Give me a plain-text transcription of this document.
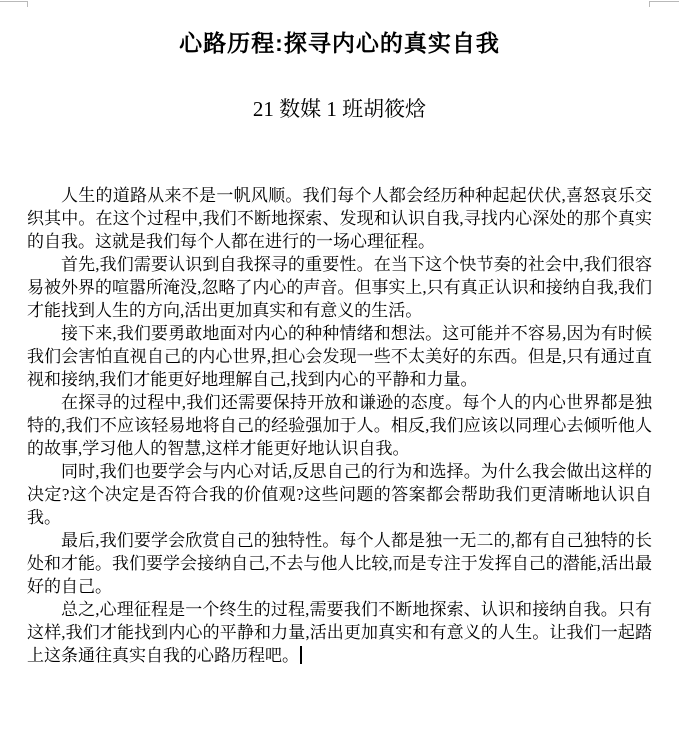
心路历程:探寻内心的真实自我
21 数媒 1 班胡筱焓

人生的道路从来不是一帆风顺。我们每个人都会经历种种起起伏伏,喜怒哀乐交织其中。在这个过程中,我们不断地探索、发现和认识自我,寻找内心深处的那个真实的自我。这就是我们每个人都在进行的一场心理征程。

首先,我们需要认识到自我探寻的重要性。在当下这个快节奏的社会中,我们很容易被外界的喧嚣所淹没,忽略了内心的声音。但事实上,只有真正认识和接纳自我,我们才能找到人生的方向,活出更加真实和有意义的生活。

接下来,我们要勇敢地面对内心的种种情绪和想法。这可能并不容易,因为有时候我们会害怕直视自己的内心世界,担心会发现一些不太美好的东西。但是,只有通过直视和接纳,我们才能更好地理解自己,找到内心的平静和力量。

在探寻的过程中,我们还需要保持开放和谦逊的态度。每个人的内心世界都是独特的,我们不应该轻易地将自己的经验强加于人。相反,我们应该以同理心去倾听他人的故事,学习他人的智慧,这样才能更好地认识自我。

同时,我们也要学会与内心对话,反思自己的行为和选择。为什么我会做出这样的决定?这个决定是否符合我的价值观?这些问题的答案都会帮助我们更清晰地认识自我。

最后,我们要学会欣赏自己的独特性。每个人都是独一无二的,都有自己独特的长处和才能。我们要学会接纳自己,不去与他人比较,而是专注于发挥自己的潜能,活出最好的自己。

总之,心理征程是一个终生的过程,需要我们不断地探索、认识和接纳自我。只有这样,我们才能找到内心的平静和力量,活出更加真实和有意义的人生。让我们一起踏上这条通往真实自我的心路历程吧。
